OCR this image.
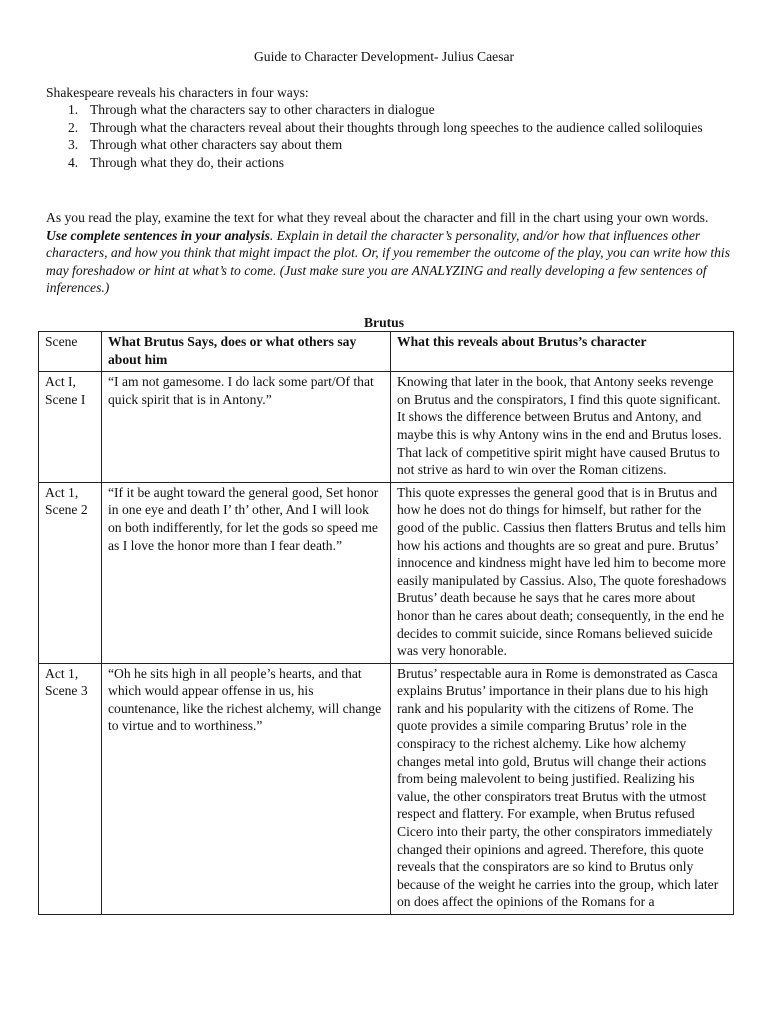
Guide to Character Development- Julius Caesar
Shakespeare reveals his characters in four ways:
1. Through what the characters say to other characters in dialogue
2. Through what the characters reveal about their thoughts through long speeches to the audience called soliloquies
3. Through what other characters say about them
4. Through what they do, their actions
As you read the play, examine the text for what they reveal about the character and fill in the chart using your own words. Use complete sentences in your analysis. Explain in detail the character’s personality, and/or how that influences other characters, and how you think that might impact the plot. Or, if you remember the outcome of the play, you can write how this may foreshadow or hint at what’s to come. (Just make sure you are ANALYZING and really developing a few sentences of inferences.)
Brutus
Scene	What Brutus Says, does or what others say about him	What this reveals about Brutus’s character
Act I, Scene I	“I am not gamesome. I do lack some part/Of that quick spirit that is in Antony.”	Knowing that later in the book, that Antony seeks revenge on Brutus and the conspirators, I find this quote significant. It shows the difference between Brutus and Antony, and maybe this is why Antony wins in the end and Brutus loses. That lack of competitive spirit might have caused Brutus to not strive as hard to win over the Roman citizens.
Act 1, Scene 2	“If it be aught toward the general good, Set honor in one eye and death I’ th’ other, And I will look on both indifferently, for let the gods so speed me as I love the honor more than I fear death.”	This quote expresses the general good that is in Brutus and how he does not do things for himself, but rather for the good of the public. Cassius then flatters Brutus and tells him how his actions and thoughts are so great and pure. Brutus’ innocence and kindness might have led him to become more easily manipulated by Cassius. Also, The quote foreshadows Brutus’ death because he says that he cares more about honor than he cares about death; consequently, in the end he decides to commit suicide, since Romans believed suicide was very honorable.
Act 1, Scene 3	“Oh he sits high in all people’s hearts, and that which would appear offense in us, his countenance, like the richest alchemy, will change to virtue and to worthiness.”	Brutus’ respectable aura in Rome is demonstrated as Casca explains Brutus’ importance in their plans due to his high rank and his popularity with the citizens of Rome. The quote provides a simile comparing Brutus’ role in the conspiracy to the richest alchemy. Like how alchemy changes metal into gold, Brutus will change their actions from being malevolent to being justified. Realizing his value, the other conspirators treat Brutus with the utmost respect and flattery. For example, when Brutus refused Cicero into their party, the other conspirators immediately changed their opinions and agreed. Therefore, this quote reveals that the conspirators are so kind to Brutus only because of the weight he carries into the group, which later on does affect the opinions of the Romans for a
